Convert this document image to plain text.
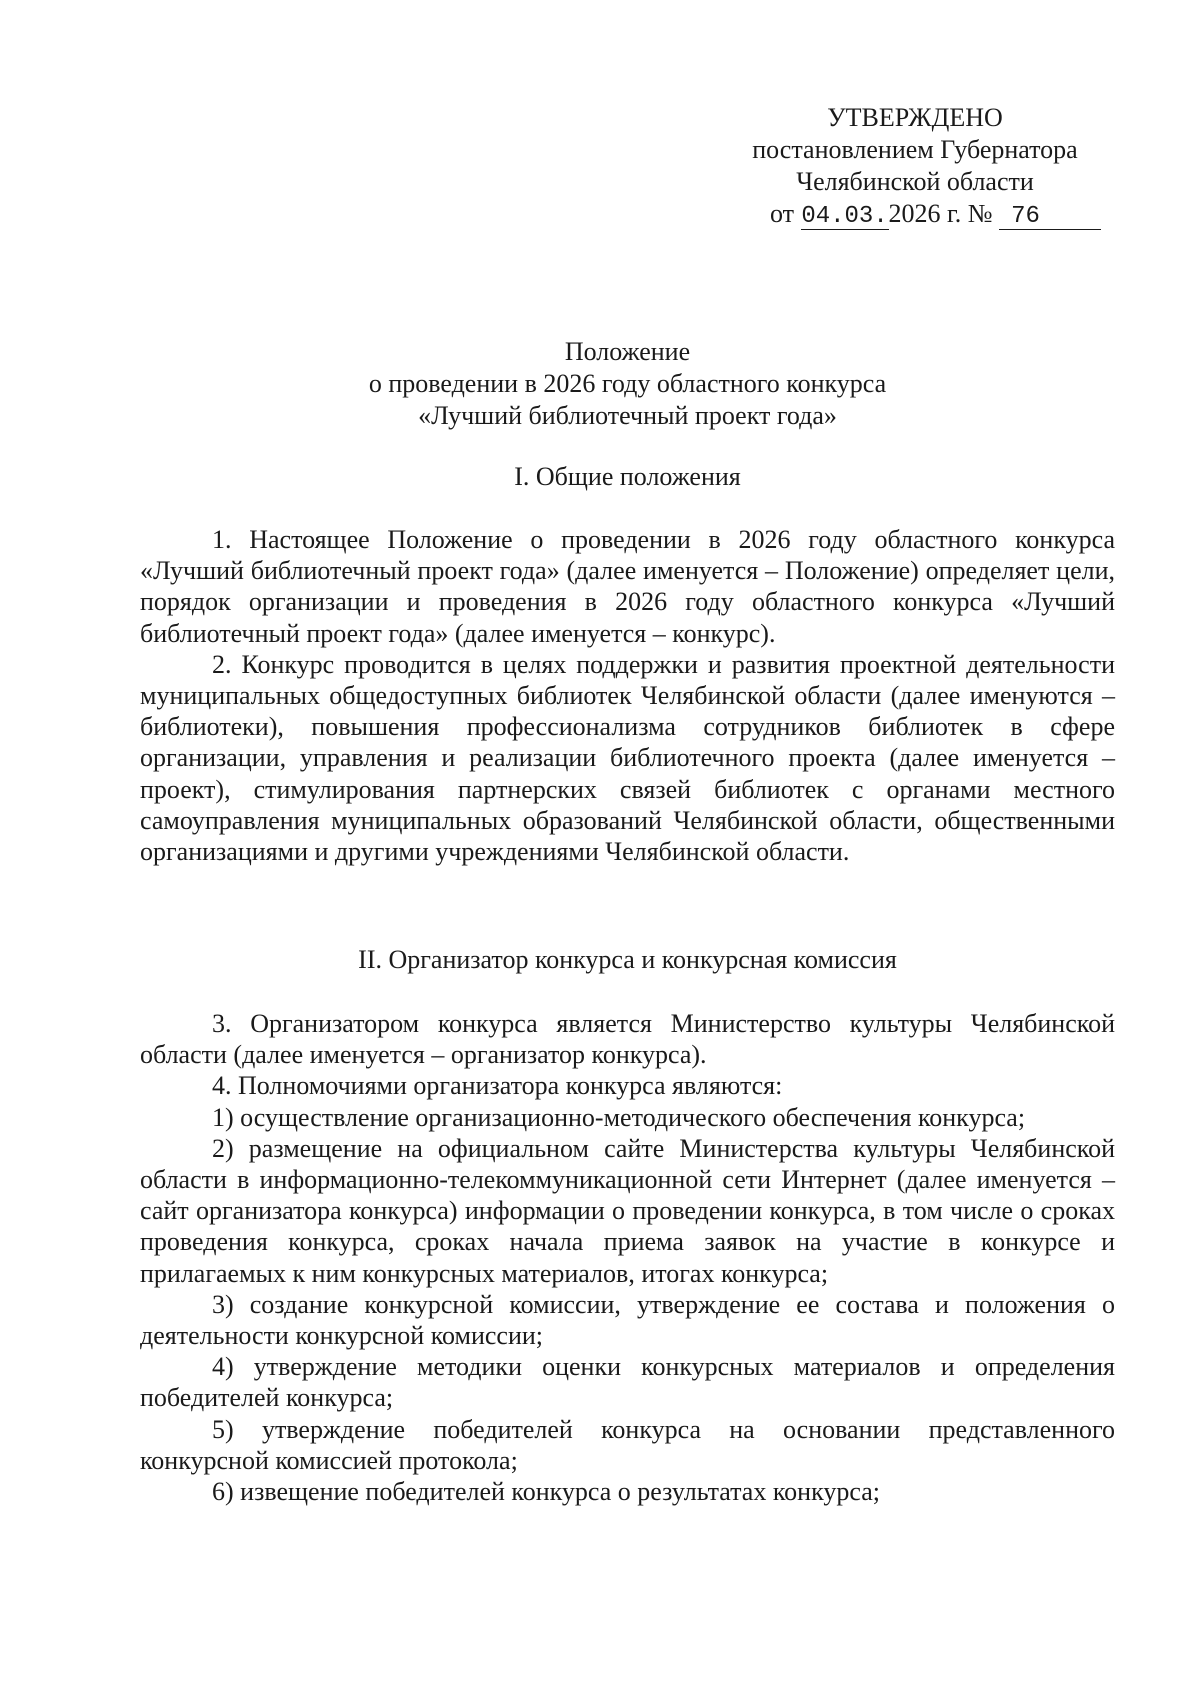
УТВЕРЖДЕНО
постановлением Губернатора
Челябинской области
от 04.03.2026 г. № 76
Положение
о проведении в 2026 году областного конкурса
«Лучший библиотечный проект года»
I. Общие положения

1. Настоящее Положение о проведении в 2026 году областного конкурса «Лучший библиотечный проект года» (далее именуется – Положение) определяет цели, порядок организации и проведения в 2026 году областного конкурса «Лучший библиотечный проект года» (далее именуется – конкурс).

2. Конкурс проводится в целях поддержки и развития проектной деятельности муниципальных общедоступных библиотек Челябинской области (далее именуются – библиотеки), повышения профессионализма сотрудников библиотек в сфере организации, управления и реализации библиотечного проекта (далее именуется – проект), стимулирования партнерских связей библиотек с органами местного самоуправления муниципальных образований Челябинской области, общественными организациями и другими учреждениями Челябинской области.

II. Организатор конкурса и конкурсная комиссия

3. Организатором конкурса является Министерство культуры Челябинской области (далее именуется – организатор конкурса).

4. Полномочиями организатора конкурса являются:

1) осуществление организационно-методического обеспечения конкурса;

2) размещение на официальном сайте Министерства культуры Челябинской области в информационно-телекоммуникационной сети Интернет (далее именуется – сайт организатора конкурса) информации о проведении конкурса, в том числе о сроках проведения конкурса, сроках начала приема заявок на участие в конкурсе и прилагаемых к ним конкурсных материалов, итогах конкурса;

3) создание конкурсной комиссии, утверждение ее состава и положения о деятельности конкурсной комиссии;

4) утверждение методики оценки конкурсных материалов и определения победителей конкурса;

5) утверждение победителей конкурса на основании представленного конкурсной комиссией протокола;

6) извещение победителей конкурса о результатах конкурса;
